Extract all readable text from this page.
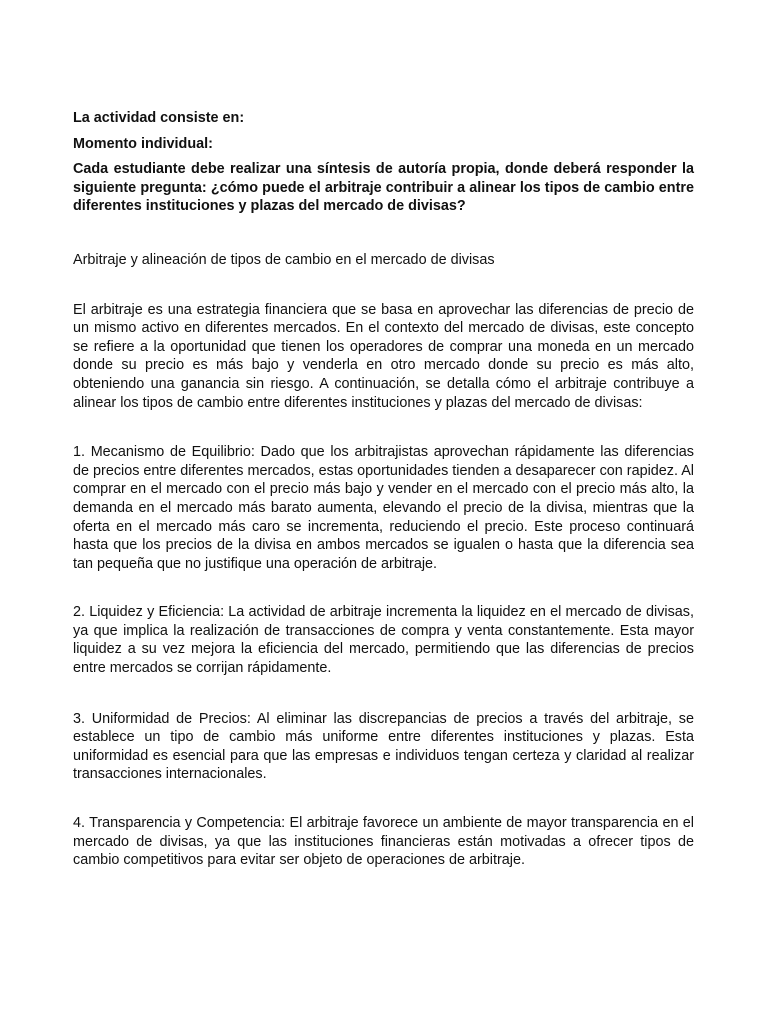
La actividad consiste en:

Momento individual:

Cada estudiante debe realizar una síntesis de autoría propia, donde deberá responder la siguiente pregunta: ¿cómo puede el arbitraje contribuir a alinear los tipos de cambio entre diferentes instituciones y plazas del mercado de divisas?

Arbitraje y alineación de tipos de cambio en el mercado de divisas

El arbitraje es una estrategia financiera que se basa en aprovechar las diferencias de precio de un mismo activo en diferentes mercados. En el contexto del mercado de divisas, este concepto se refiere a la oportunidad que tienen los operadores de comprar una moneda en un mercado donde su precio es más bajo y venderla en otro mercado donde su precio es más alto, obteniendo una ganancia sin riesgo. A continuación, se detalla cómo el arbitraje contribuye a alinear los tipos de cambio entre diferentes instituciones y plazas del mercado de divisas:

1. Mecanismo de Equilibrio: Dado que los arbitrajistas aprovechan rápidamente las diferencias de precios entre diferentes mercados, estas oportunidades tienden a desaparecer con rapidez. Al comprar en el mercado con el precio más bajo y vender en el mercado con el precio más alto, la demanda en el mercado más barato aumenta, elevando el precio de la divisa, mientras que la oferta en el mercado más caro se incrementa, reduciendo el precio. Este proceso continuará hasta que los precios de la divisa en ambos mercados se igualen o hasta que la diferencia sea tan pequeña que no justifique una operación de arbitraje.

2. Liquidez y Eficiencia: La actividad de arbitraje incrementa la liquidez en el mercado de divisas, ya que implica la realización de transacciones de compra y venta constantemente. Esta mayor liquidez a su vez mejora la eficiencia del mercado, permitiendo que las diferencias de precios entre mercados se corrijan rápidamente.

3. Uniformidad de Precios: Al eliminar las discrepancias de precios a través del arbitraje, se establece un tipo de cambio más uniforme entre diferentes instituciones y plazas. Esta uniformidad es esencial para que las empresas e individuos tengan certeza y claridad al realizar transacciones internacionales.

4. Transparencia y Competencia: El arbitraje favorece un ambiente de mayor transparencia en el mercado de divisas, ya que las instituciones financieras están motivadas a ofrecer tipos de cambio competitivos para evitar ser objeto de operaciones de arbitraje.
